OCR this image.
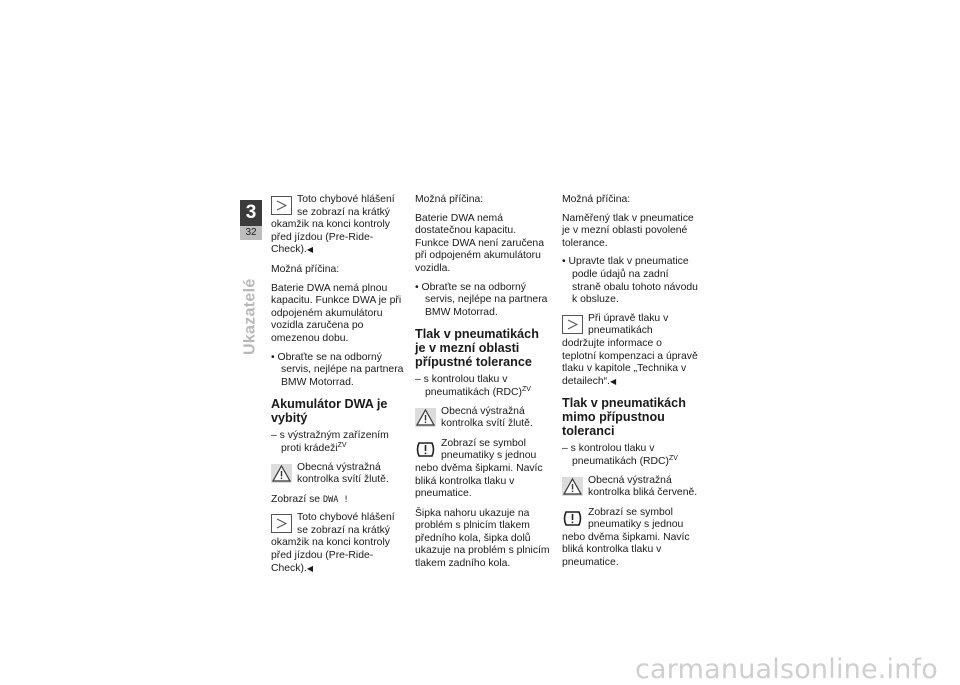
3
32
Ukazatelé
Toto chybové hlášení se zobrazí na krátký okamžik na konci kontroly před jízdou (Pre-Ride-Check).◀

Možná příčina:

Baterie DWA nemá plnou kapacitu. Funkce DWA je při odpojeném akumulátoru vozidla zaručena po omezenou dobu.

• Obraťte se na odborný servis, nejlépe na partnera BMW Motorrad.
Akumulátor DWA je vybitý
– s výstražným zařízením proti krádeži$^{ZV}$
Obecná výstražná kontrolka svítí žlutě.

Zobrazí se DWA !

Toto chybové hlášení se zobrazí na krátký okamžik na konci kontroly před jízdou (Pre-Ride-Check).◀

Možná příčina:

Baterie DWA nemá dostatečnou kapacitu. Funkce DWA není zaručena při odpojeném akumulátoru vozidla.

• Obraťte se na odborný servis, nejlépe na partnera BMW Motorrad.
Tlak v pneumatikách je v mezní oblasti přípustné tolerance
– s kontrolou tlaku v pneumatikách (RDC)$^{ZV}$
Obecná výstražná kontrolka svítí žlutě.
Zobrazí se symbol pneumatiky s jednou nebo dvěma šipkami. Navíc bliká kontrolka tlaku v pneumatice.

Šipka nahoru ukazuje na problém s plnicím tlakem předního kola, šipka dolů ukazuje na problém s plnicím tlakem zadního kola.

Možná příčina:

Naměřený tlak v pneumatice je v mezní oblasti povolené tolerance.

• Upravte tlak v pneumatice podle údajů na zadní straně obalu tohoto návodu k obsluze.
Při úpravě tlaku v pneumatikách dodržujte informace o teplotní kompenzaci a úpravě tlaku v kapitole „Technika v detailech“.◀
Tlak v pneumatikách mimo přípustnou toleranci
– s kontrolou tlaku v pneumatikách (RDC)$^{ZV}$
Obecná výstražná kontrolka bliká červeně.
Zobrazí se symbol pneumatiky s jednou nebo dvěma šipkami. Navíc bliká kontrolka tlaku v pneumatice.
carmanualsonline.info
